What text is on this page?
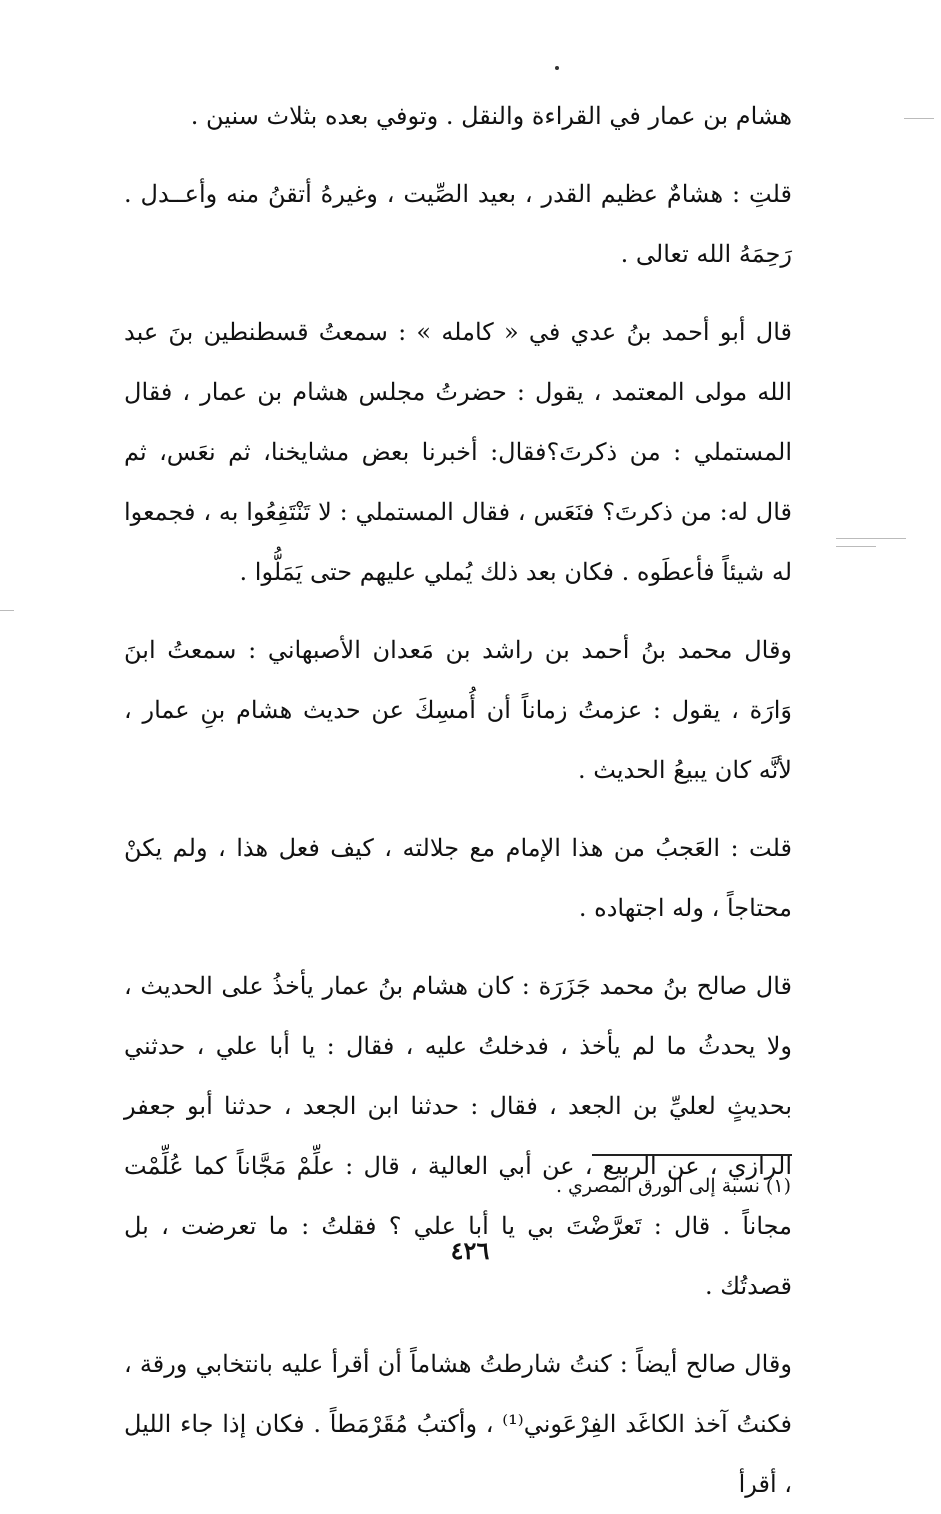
هشام بن عمار في القراءة والنقل . وتوفي بعده بثلاث سنين .

قلتِ : هشامٌ عظيم القدر ، بعيد الصِّيت ، وغيرهُ أتقنُ منه وأعــدل . رَحِمَهُ الله تعالى .

قال أبو أحمد بنُ عدي في « كامله » : سمعتُ قسطنطين بنَ عبد الله مولى المعتمد ، يقول : حضرتُ مجلس هشام بن عمار ، فقال المستملي : من ذكرتَ؟فقال: أخبرنا بعض مشايخنا، ثم نعَس، ثم قال له: من ذكرتَ؟ فنَعَس ، فقال المستملي : لا تَنْتَفِعُوا به ، فجمعوا له شيئاً فأعطَوه . فكان بعد ذلك يُملي عليهم حتى يَمَلُّوا .

وقال محمد بنُ أحمد بن راشد بن مَعدان الأصبهاني : سمعتُ ابنَ وَارَة ، يقول : عزمتُ زماناً أن أُمسِكَ عن حديث هشام بنِ عمار ، لأنَّه كان يبيعُ الحديث .

قلت : العَجبُ من هذا الإمام مع جلالته ، كيف فعل هذا ، ولم يكنْ محتاجاً ، وله اجتهاده .

قال صالح بنُ محمد جَزَرَة : كان هشام بنُ عمار يأخذُ على الحديث ، ولا يحدثُ ما لم يأخذ ، فدخلتُ عليه ، فقال : يا أبا علي ، حدثني بحديثٍ لعليِّ بن الجعد ، فقال : حدثنا ابن الجعد ، حدثنا أبو جعفر الرازي ، عن الربيع ، عن أبي العالية ، قال : علِّمْ مَجَّاناً كما عُلِّمْت مجاناً . قال : تَعرَّضْتَ بي يا أبا علي ؟ فقلتُ : ما تعرضت ، بل قصدتُك .

وقال صالح أيضاً : كنتُ شارطتُ هشاماً أن أقرأ عليه بانتخابي ورقة ، فكنتُ آخذ الكاغَد الفِرْعَوني⁽¹⁾ ، وأكتبُ مُقَرْمَطاً . فكان إذا جاء الليل ، أقرأ

(١) نسبة إلى الورق المصري .
٤٢٦
